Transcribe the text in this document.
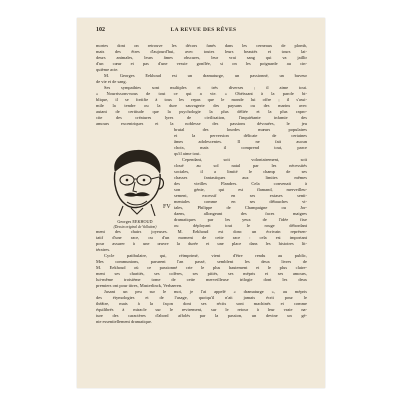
102	LA REVUE DES RÊVES
mortes dont on retrouve les décors fanés dans les cerneaux de plomb,
mais des êtres d'aujourd'hui, avec toutes leurs beautés et tours lai-
deurs animales, leurs âmes obscures, leur vrai sang qui va jaillir
d'un cœur et pas d'une vessie gonflée, si on les poignarde au cin-
quième acte.
M. Georges Eekhoud est un dramaturge, un passionné, un buveur
de vie et de sang.
Ses sympathies sont multiples et très diverses ; il aime tout.
« Nourrissons-nous de tout ce qui a vie. » Obéissant à la parole bi-
blique, il se fortifie à tous les repas que le monde lui offre ; il s'assi-
mile la tendre ou la dure sauvagerie des paysans ou des marins avec
autant de certitude que la psychologie la plus déliée et la plus rapro-
cite des créatures lyres de civilisation, l'inquiétante infamie des
amours excentriques et la noblesse des passions dévouées, le jeu
FV
Georges EEKHOUD
(Dessin original de Vallotton)
brutal des lourdes mœurs populaires
et la perversion délicate de certaines
âmes adolescentes. Il ne fait aucun
choix, mais il comprend tout, parce
qu'il aime tout.
Cependant, soit volontairement, soit
cloué au sol natal par les nécessités
sociales, il a limité le champ de ses
chasses fantastiques aux limites mêmes
des vieilles Flandres. Cela convenait à
son génie, qui est flamand, merveilleu-
sement, excessif en ses extases senti-
mentales comme en ses débauches vi-
tales, Philippe de Champaigne ou Jor-
daens, allongeant des faces maigres
dramatiques par les yeux de l'idée fixe
ou déployant tout le rouge débordant
ment des chairs joyeuses. M. Eekhoud est donc un écrivain représen-
tatif d'une race, ou d'un moment de cette race : cela est important
pour assurer à une œuvre la durée et une place dans les histoires lit-
téraires.
Cycle patibulaire, qui, réimprimé, vient d'être rendu au public,
Mes communions, parurent l'an passé, semblent les deux livres de
M. Eekhoud où ce passionné crie le plus hautement et le plus claire-
ment ses charités, ses colères, ses pitiés, ses mépris et ses amours,
lui-même troisième tome de cette merveilleuse trilogie dont les deux
premiers ont pour titres, Masterlinck, Verhaeren.
Jusant un peu sur le mot, je l'ai appelé « dramaturge », au mépris
des étymologies et de l'usage, quoiqu'il n'ait jamais écrit pour le
théâtre, mais à la façon dont ses récits sont machinés et comme
équilibrés à miracle sur le revirement, sur le retour à leur vraie na-
ture des caractères d'abord affolés par la passion, un devine un gé-
nie essentiellement dramatique.
